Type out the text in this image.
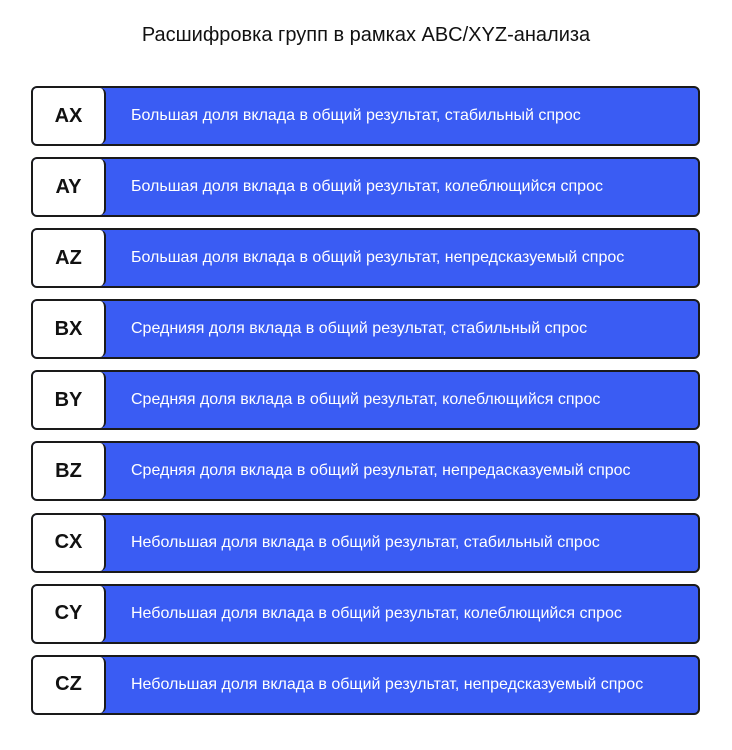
Расшифровка групп в рамках ABC/XYZ-анализа
AX	Большая доля вклада в общий результат, стабильный спрос
AY	Большая доля вклада в общий результат, колеблющийся спрос
AZ	Большая доля вклада в общий результат, непредсказуемый спрос
BX	Среднияя доля вклада в общий результат, стабильный спрос
BY	Средняя доля вклада в общий результат, колеблющийся спрос
BZ	Средняя доля вклада в общий результат, непредасказуемый спрос
CX	Небольшая доля вклада в общий результат, стабильный спрос
CY	Небольшая доля вклада в общий результат, колеблющийся спрос
CZ	Небольшая доля вклада в общий результат, непредсказуемый спрос
